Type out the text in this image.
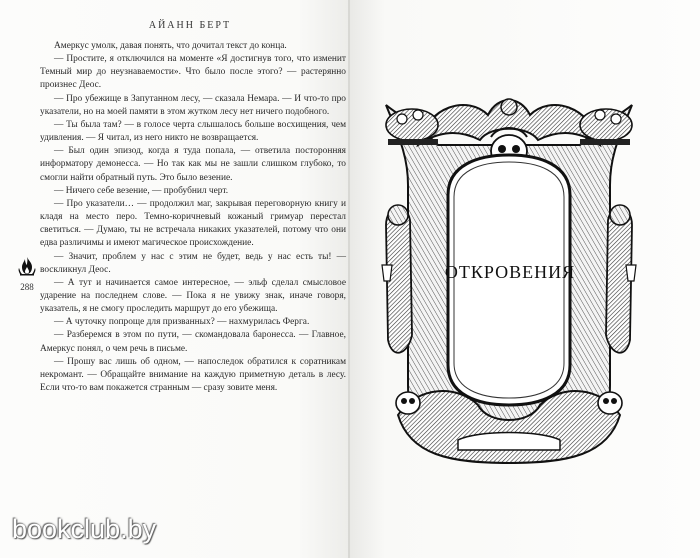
АЙАНН БЕРТ

Амеркус умолк, давая понять, что дочитал текст до конца.

— Простите, я отключился на моменте «Я достигнув того, что изменит Темный мир до неузнаваемости». Что было после этого? — растерянно произнес Деос.

— Про убежище в Запутанном лесу, — сказала Немара. — И что-то про указатели, но на моей памяти в этом жутком лесу нет ничего подобного.

— Ты была там? — в голосе черта слышалось больше восхищения, чем удивления. — Я читал, из него никто не возвращается.

— Был один эпизод, когда я туда попала, — ответила посторонняя информатору демонесса. — Но так как мы не зашли слишком глубоко, то смогли найти обратный путь. Это было везение.

— Ничего себе везение, — пробубнил черт.

— Про указатели… — продолжил маг, закрывая переговорную книгу и кладя на место перо. Темно-коричневый кожаный гримуар перестал светиться. — Думаю, ты не встречала никаких указателей, потому что они едва различимы и имеют магическое происхождение.

— Значит, проблем у нас с этим не будет, ведь у нас есть ты! — воскликнул Деос.

— А тут и начинается самое интересное, — эльф сделал смысловое ударение на последнем слове. — Пока я не увижу знак, иначе говоря, указатель, я не смогу проследить маршрут до его убежища.

— А чуточку попроще для призванных? — нахмурилась Ферга.

— Разберемся в этом по пути, — скомандовала баронесса. — Главное, Амеркус понял, о чем речь в письме.

— Прошу вас лишь об одном, — напоследок обратился к соратникам некромант. — Обращайте внимание на каждую приметную деталь в лесу. Если что-то вам покажется странным — сразу зовите меня.

288
ОТКРОВЕНИЯ
bookclub.by
